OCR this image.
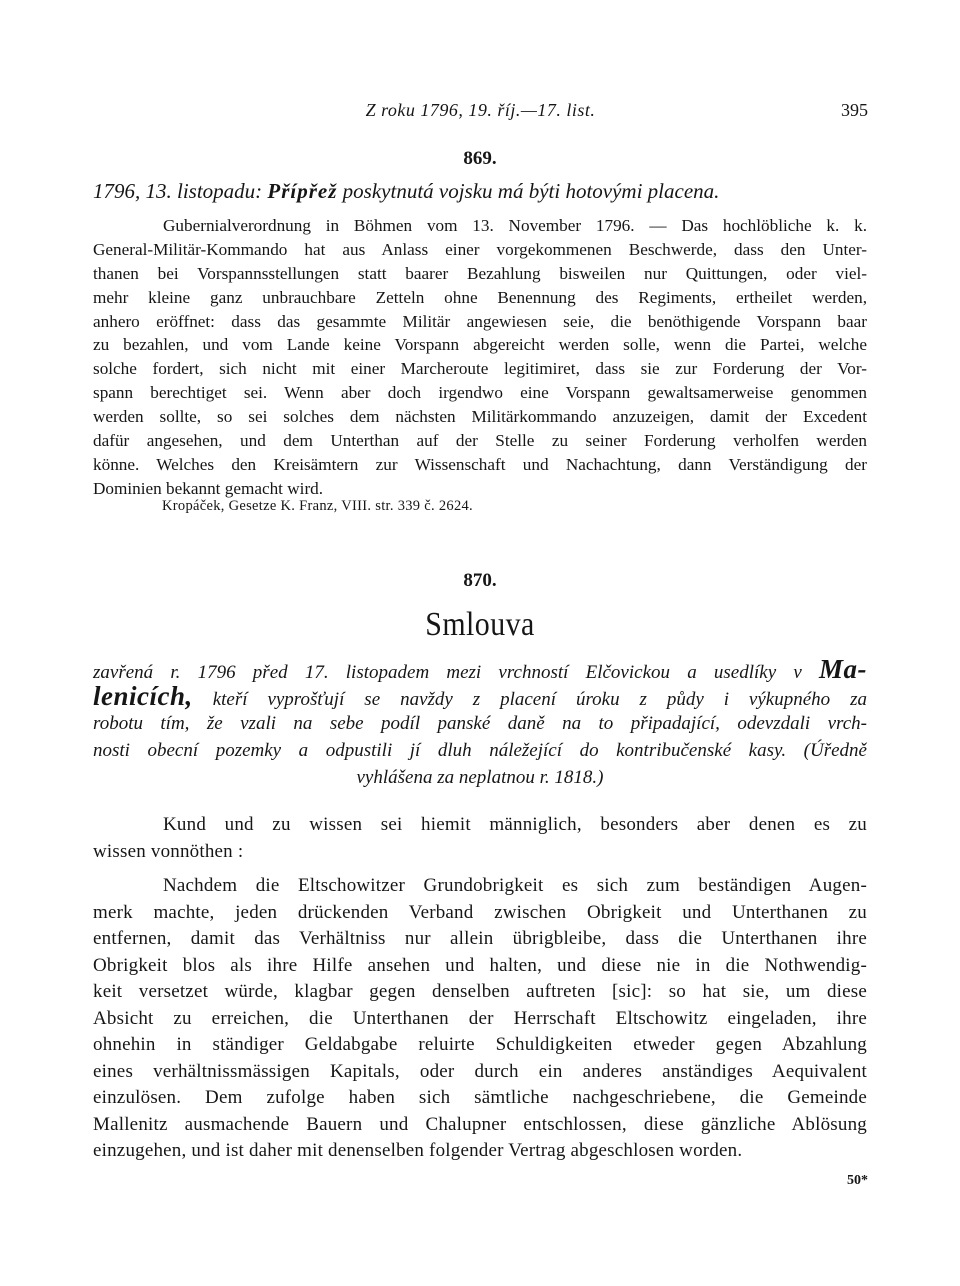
Z roku 1796, 19. říj.—17. list.	395
869.
1796, 13. listopadu: Přípřež poskytnutá vojsku má býti hotovými placena.
Gubernialverordnung in Böhmen vom 13. November 1796. — Das hochlöbliche k. k.
General-Militär-Kommando hat aus Anlass einer vorgekommenen Beschwerde, dass den Unter-
thanen bei Vorspannsstellungen statt baarer Bezahlung bisweilen nur Quittungen, oder viel-
mehr kleine ganz unbrauchbare Zetteln ohne Benennung des Regiments, ertheilet werden,
anhero eröffnet: dass das gesammte Militär angewiesen seie, die benöthigende Vorspann baar
zu bezahlen, und vom Lande keine Vorspann abgereicht werden solle, wenn die Partei, welche
solche fordert, sich nicht mit einer Marcheroute legitimiret, dass sie zur Forderung der Vor-
spann berechtiget sei. Wenn aber doch irgendwo eine Vorspann gewaltsamerweise genommen
werden sollte, so sei solches dem nächsten Militärkommando anzuzeigen, damit der Excedent
dafür angesehen, und dem Unterthan auf der Stelle zu seiner Forderung verholfen werden
könne. Welches den Kreisämtern zur Wissenschaft und Nachachtung, dann Verständigung der
Dominien bekannt gemacht wird.
Kropáček, Gesetze K. Franz, VIII. str. 339 č. 2624.
870.
Smlouva
zavřená r. 1796 před 17. listopadem mezi vrchností Elčovickou a usedlíky v Ma-
lenicích, kteří vyprošťují se navždy z placení úroku z půdy i výkupného za
robotu tím, že vzali na sebe podíl panské daně na to připadající, odevzdali vrch-
nosti obecní pozemky a odpustili jí dluh náležející do kontribučenské kasy. (Úředně
vyhlášena za neplatnou r. 1818.)
Kund und zu wissen sei hiemit männiglich, besonders aber denen es zu
wissen vonnöthen :
Nachdem die Eltschowitzer Grundobrigkeit es sich zum beständigen Augen-
merk machte, jeden drückenden Verband zwischen Obrigkeit und Unterthanen zu
entfernen, damit das Verhältniss nur allein übrigbleibe, dass die Unterthanen ihre
Obrigkeit blos als ihre Hilfe ansehen und halten, und diese nie in die Nothwendig-
keit versetzet würde, klagbar gegen denselben auftreten [sic]: so hat sie, um diese
Absicht zu erreichen, die Unterthanen der Herrschaft Eltschowitz eingeladen, ihre
ohnehin in ständiger Geldabgabe reluirte Schuldigkeiten etweder gegen Abzahlung
eines verhältnissmässigen Kapitals, oder durch ein anderes anständiges Aequivalent
einzulösen. Dem zufolge haben sich sämtliche nachgeschriebene, die Gemeinde
Mallenitz ausmachende Bauern und Chalupner entschlossen, diese gänzliche Ablösung
einzugehen, und ist daher mit denenselben folgender Vertrag abgeschlosen worden.
50*
